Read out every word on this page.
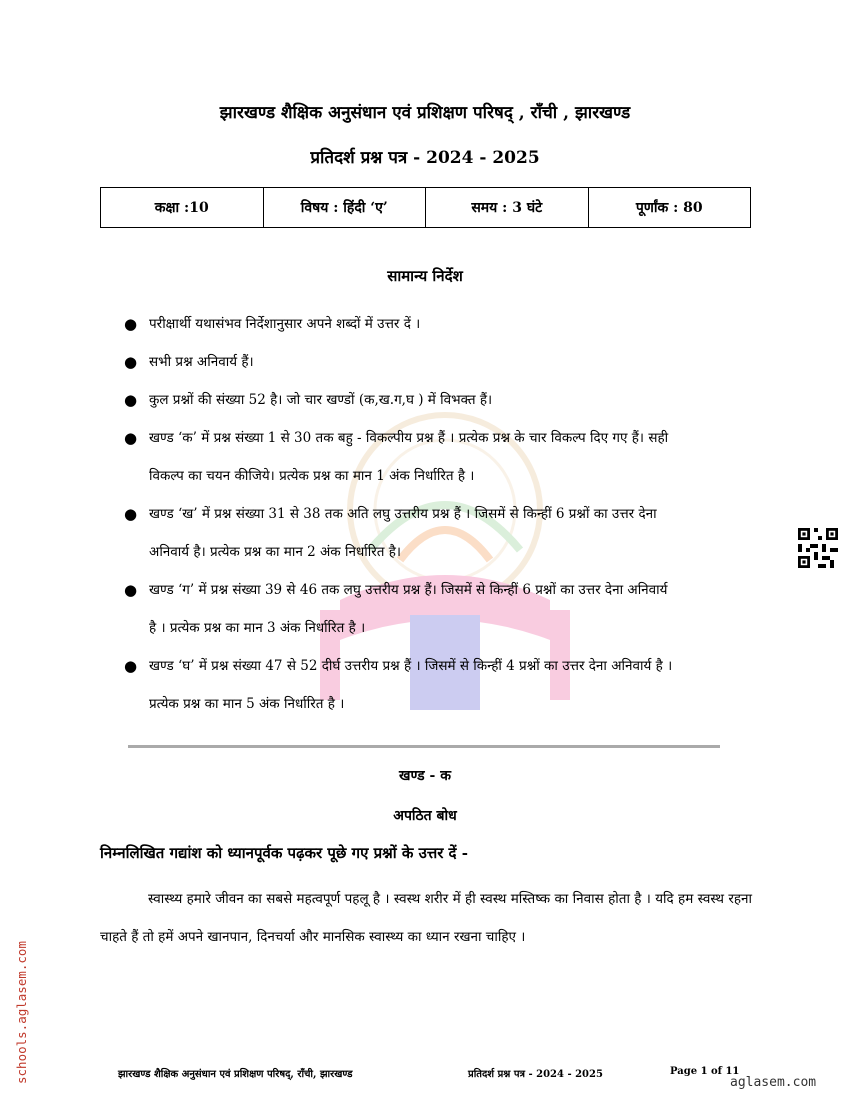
झारखण्ड शैक्षिक अनुसंधान एवं प्रशिक्षण परिषद् , राँची , झारखण्ड
प्रतिदर्श प्रश्न पत्र - 2024 - 2025
कक्षा :10	विषय : हिंदी ‘ए’	समय : 3 घंटे	पूर्णांक : 80
सामान्य निर्देश
● परीक्षार्थी यथासंभव निर्देशानुसार अपने शब्दों में उत्तर दें ।
● सभी प्रश्न अनिवार्य हैं।
● कुल प्रश्नों की संख्या 52 है। जो चार खण्डों (क,ख.ग,घ ) में विभक्त हैं।
● खण्ड ‘क’ में प्रश्न संख्या 1 से 30 तक बहु - विकल्पीय प्रश्न हैं । प्रत्येक प्रश्न के चार विकल्प दिए गए हैं। सही
विकल्प का चयन कीजिये। प्रत्येक प्रश्न का मान 1 अंक निर्धारित है ।
● खण्ड ‘ख’ में प्रश्न संख्या 31 से 38 तक अति लघु उत्तरीय प्रश्न हैं । जिसमें से किन्हीं 6 प्रश्नों का उत्तर देना
अनिवार्य है। प्रत्येक प्रश्न का मान 2 अंक निर्धारित है।
● खण्ड ‘ग’ में प्रश्न संख्या 39 से 46 तक लघु उत्तरीय प्रश्न हैं। जिसमें से किन्हीं 6 प्रश्नों का उत्तर देना अनिवार्य
है । प्रत्येक प्रश्न का मान 3 अंक निर्धारित है ।
● खण्ड ‘घ’ में प्रश्न संख्या 47 से 52 दीर्घ उत्तरीय प्रश्न हैं । जिसमें से किन्हीं 4 प्रश्नों का उत्तर देना अनिवार्य है ।
प्रत्येक प्रश्न का मान 5 अंक निर्धारित है ।
खण्ड - क
अपठित बोध
निम्नलिखित गद्यांश को ध्यानपूर्वक पढ़कर पूछे गए प्रश्नों के उत्तर दें -
स्वास्थ्य हमारे जीवन का सबसे महत्वपूर्ण पहलू है । स्वस्थ शरीर में ही स्वस्थ मस्तिष्क का निवास होता है । यदि हम स्वस्थ रहना चाहते हैं तो हमें अपने खानपान, दिनचर्या और मानसिक स्वास्थ्य का ध्यान रखना चाहिए ।
झारखण्ड शैक्षिक अनुसंधान एवं प्रशिक्षण परिषद्, राँची, झारखण्ड	प्रतिदर्श प्रश्न पत्र - 2024 - 2025	Page 1 of 11
aglasem.com
schools.aglasem.com
